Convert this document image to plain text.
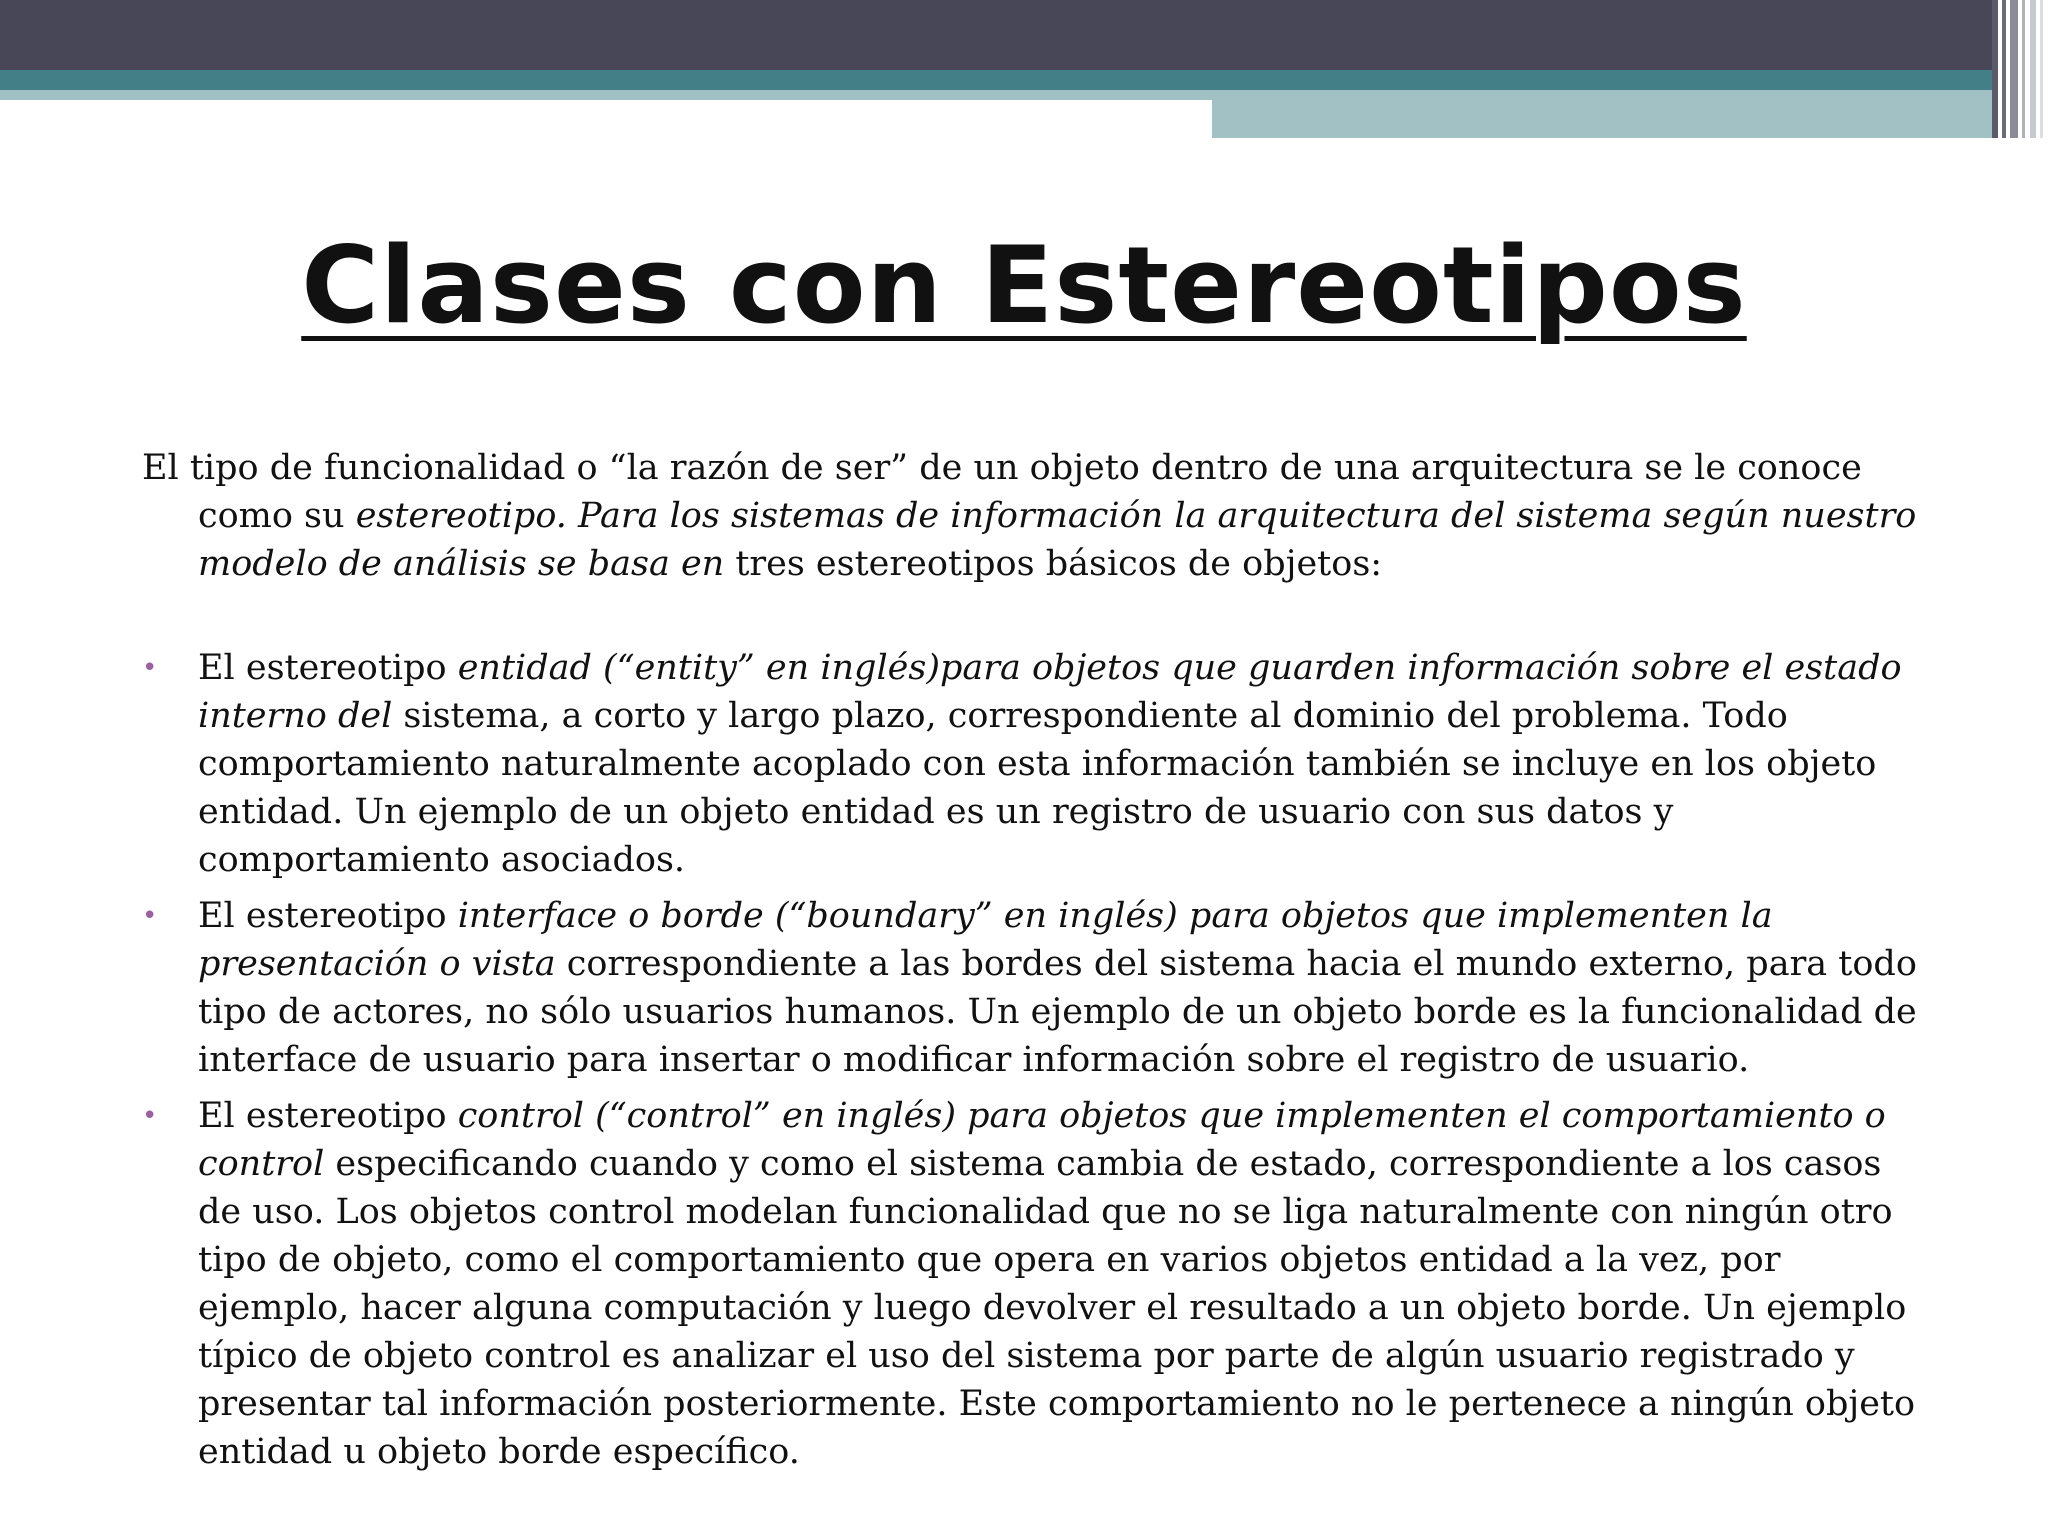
Clases con Estereotipos

El tipo de funcionalidad o “la razón de ser” de un objeto dentro de una arquitectura se le conoce como su estereotipo. Para los sistemas de información la arquitectura del sistema según nuestro modelo de análisis se basa en tres estereotipos básicos de objetos:

•	El estereotipo entidad (“entity” en inglés)para objetos que guarden información sobre el estado interno del sistema, a corto y largo plazo, correspondiente al dominio del problema. Todo comportamiento naturalmente acoplado con esta información también se incluye en los objeto entidad. Un ejemplo de un objeto entidad es un registro de usuario con sus datos y comportamiento asociados.
•	El estereotipo interface o borde (“boundary” en inglés) para objetos que implementen la presentación o vista correspondiente a las bordes del sistema hacia el mundo externo, para todo tipo de actores, no sólo usuarios humanos. Un ejemplo de un objeto borde es la funcionalidad de interface de usuario para insertar o modificar información sobre el registro de usuario.
•	El estereotipo control (“control” en inglés) para objetos que implementen el comportamiento o control especificando cuando y como el sistema cambia de estado, correspondiente a los casos de uso. Los objetos control modelan funcionalidad que no se liga naturalmente con ningún otro tipo de objeto, como el comportamiento que opera en varios objetos entidad a la vez, por ejemplo, hacer alguna computación y luego devolver el resultado a un objeto borde. Un ejemplo típico de objeto control es analizar el uso del sistema por parte de algún usuario registrado y presentar tal información posteriormente. Este comportamiento no le pertenece a ningún objeto entidad u objeto borde específico.
